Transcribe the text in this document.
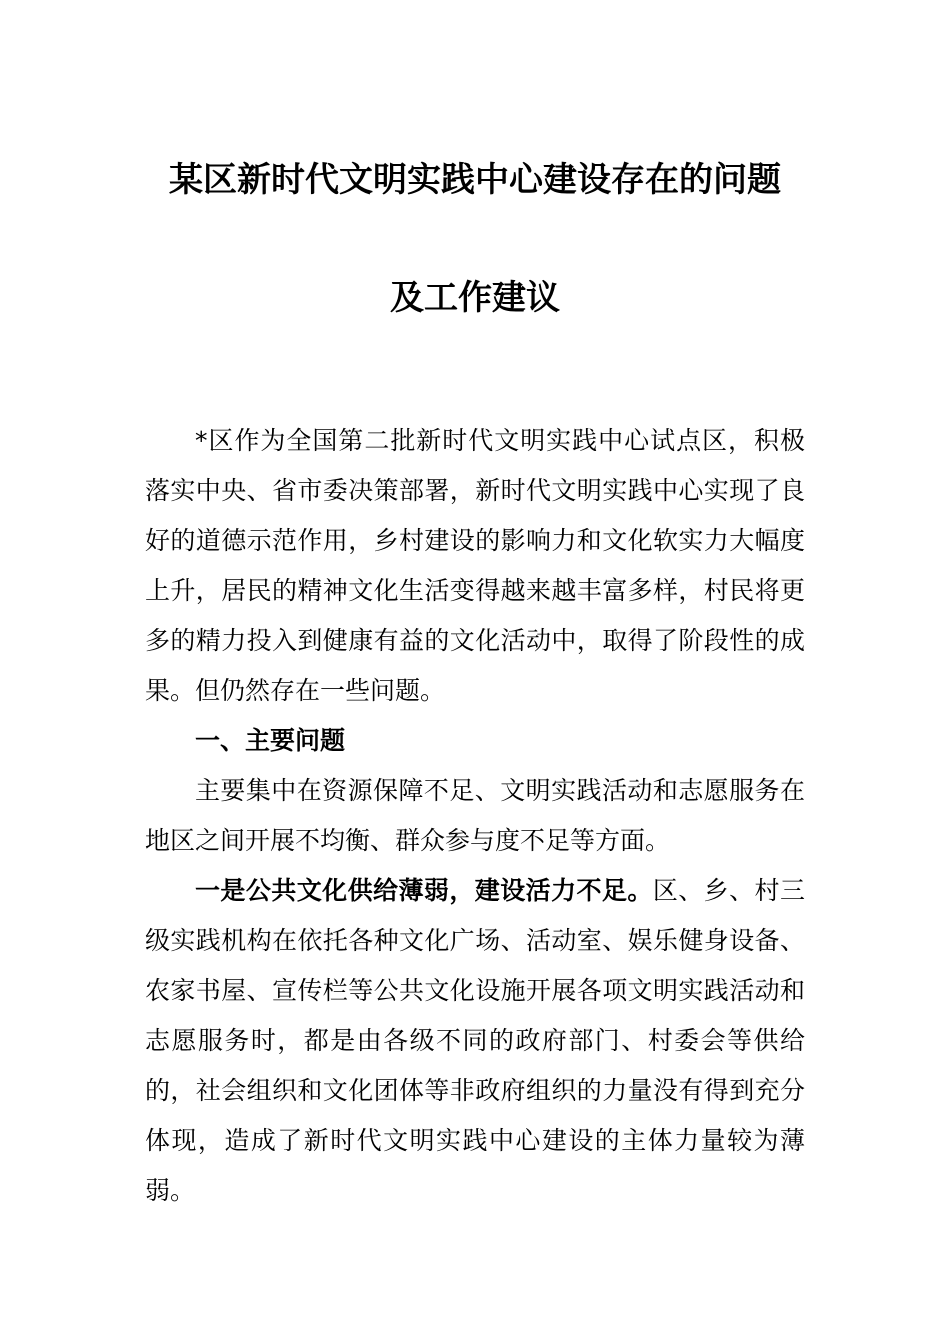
某区新时代文明实践中心建设存在的问题
及工作建议

*区作为全国第二批新时代文明实践中心试点区，积极落实中央、省市委决策部署，新时代文明实践中心实现了良好的道德示范作用，乡村建设的影响力和文化软实力大幅度上升，居民的精神文化生活变得越来越丰富多样，村民将更多的精力投入到健康有益的文化活动中，取得了阶段性的成果。但仍然存在一些问题。

一、主要问题

主要集中在资源保障不足、文明实践活动和志愿服务在地区之间开展不均衡、群众参与度不足等方面。

一是公共文化供给薄弱，建设活力不足。区、乡、村三级实践机构在依托各种文化广场、活动室、娱乐健身设备、农家书屋、宣传栏等公共文化设施开展各项文明实践活动和志愿服务时，都是由各级不同的政府部门、村委会等供给的，社会组织和文化团体等非政府组织的力量没有得到充分体现，造成了新时代文明实践中心建设的主体力量较为薄弱。
